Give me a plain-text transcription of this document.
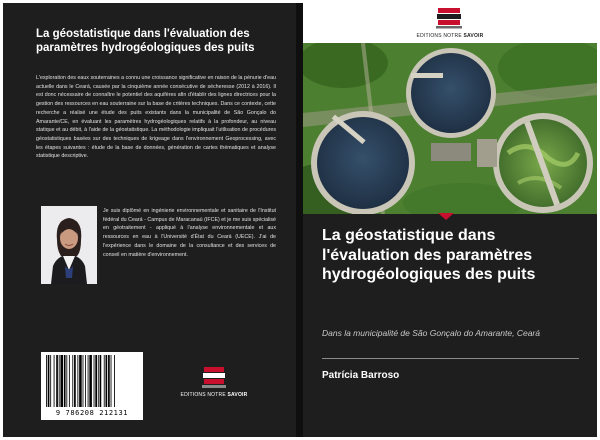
La géostatistique dans l'évaluation des paramètres hydrogéologiques des puits

L'exploration des eaux souterraines a connu une croissance significative en raison de la pénurie d'eau actuelle dans le Ceará, causée par la cinquième année consécutive de sécheresse (2012 à 2016). Il est donc nécessaire de connaître le potentiel des aquifères afin d'établir des lignes directrices pour la gestion des ressources en eau souterraine sur la base de critères techniques. Dans ce contexte, cette recherche a réalisé une étude des puits existants dans la municipalité de São Gonçalo do Amarante/CE, en évaluant les paramètres hydrogéologiques relatifs à la profondeur, au niveau statique et au débit, à l'aide de la géostatistique. La méthodologie impliquait l'utilisation de procédures géostatistiques basées sur des techniques de krigeage dans l'environnement Geoprocessing, avec les étapes suivantes : étude de la base de données, génération de cartes thématiques et analyse statistique descriptive.

Je suis diplômé en ingénierie environnementale et sanitaire de l'Institut fédéral du Ceará - Campus de Maracanaú (IFCE) et je me suis spécialisé en géotraitement - appliqué à l'analyse environnementale et aux ressources en eau à l'Université d'État du Ceará (UECE). J'ai de l'expérience dans le domaine de la consultance et des services de conseil en matière d'environnement.

9 786208 212131
EDITIONS NOTRE SAVOIR
EDITIONS NOTRE SAVOIR
La géostatistique dans l'évaluation des paramètres hydrogéologiques des puits

Dans la municipalité de São Gonçalo do Amarante, Ceará

Patrícia Barroso
